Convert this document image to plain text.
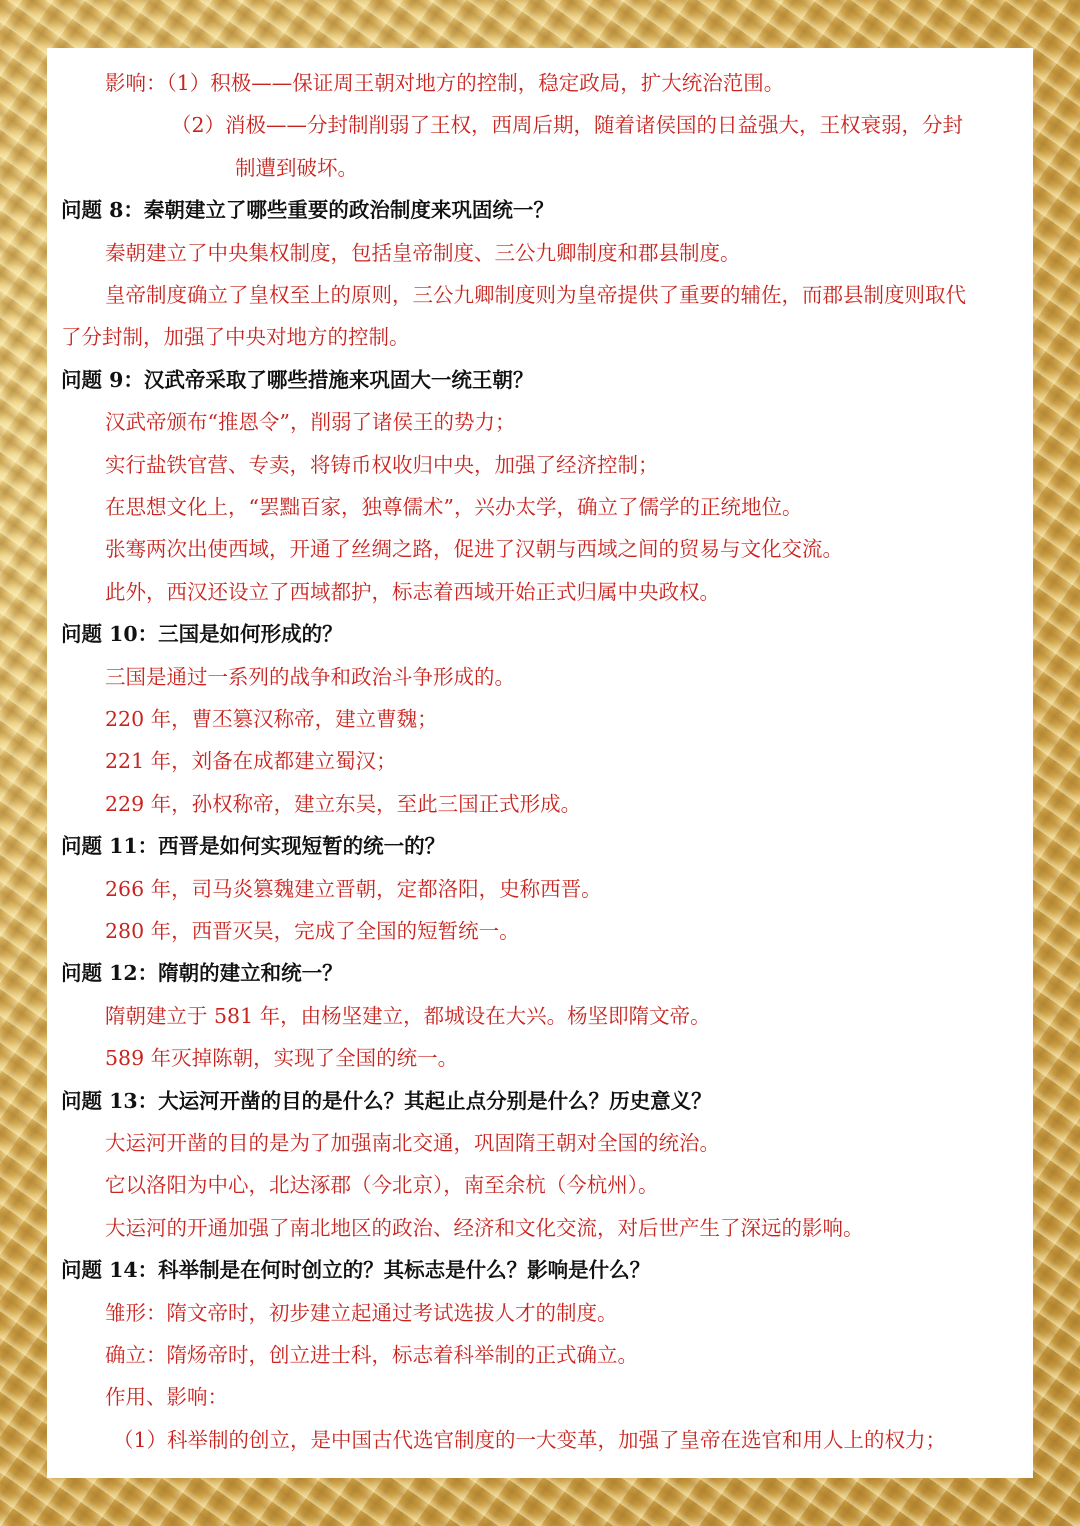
影响：（1）积极——保证周王朝对地方的控制，稳定政局，扩大统治范围。
（2）消极——分封制削弱了王权，西周后期，随着诸侯国的日益强大，王权衰弱，分封
制遭到破坏。
问题 8：秦朝建立了哪些重要的政治制度来巩固统一？
秦朝建立了中央集权制度，包括皇帝制度、三公九卿制度和郡县制度。
皇帝制度确立了皇权至上的原则，三公九卿制度则为皇帝提供了重要的辅佐，而郡县制度则取代
了分封制，加强了中央对地方的控制。
问题 9：汉武帝采取了哪些措施来巩固大一统王朝？
汉武帝颁布“推恩令”，削弱了诸侯王的势力；
实行盐铁官营、专卖，将铸币权收归中央，加强了经济控制；
在思想文化上，“罢黜百家，独尊儒术”，兴办太学，确立了儒学的正统地位。
张骞两次出使西域，开通了丝绸之路，促进了汉朝与西域之间的贸易与文化交流。
此外，西汉还设立了西域都护，标志着西域开始正式归属中央政权。
问题 10：三国是如何形成的？
三国是通过一系列的战争和政治斗争形成的。
220 年，曹丕篡汉称帝，建立曹魏；
221 年，刘备在成都建立蜀汉；
229 年，孙权称帝，建立东吴，至此三国正式形成。
问题 11：西晋是如何实现短暂的统一的？
266 年，司马炎篡魏建立晋朝，定都洛阳，史称西晋。
280 年，西晋灭吴，完成了全国的短暂统一。
问题 12：隋朝的建立和统一？
隋朝建立于 581 年，由杨坚建立，都城设在大兴。杨坚即隋文帝。
589 年灭掉陈朝，实现了全国的统一。
问题 13：大运河开凿的目的是什么？其起止点分别是什么？历史意义？
大运河开凿的目的是为了加强南北交通，巩固隋王朝对全国的统治。
它以洛阳为中心，北达涿郡（今北京），南至余杭（今杭州）。
大运河的开通加强了南北地区的政治、经济和文化交流，对后世产生了深远的影响。
问题 14：科举制是在何时创立的？其标志是什么？影响是什么？
雏形：隋文帝时，初步建立起通过考试选拔人才的制度。
确立：隋炀帝时，创立进士科，标志着科举制的正式确立。
作用、影响：
（1）科举制的创立，是中国古代选官制度的一大变革，加强了皇帝在选官和用人上的权力；
